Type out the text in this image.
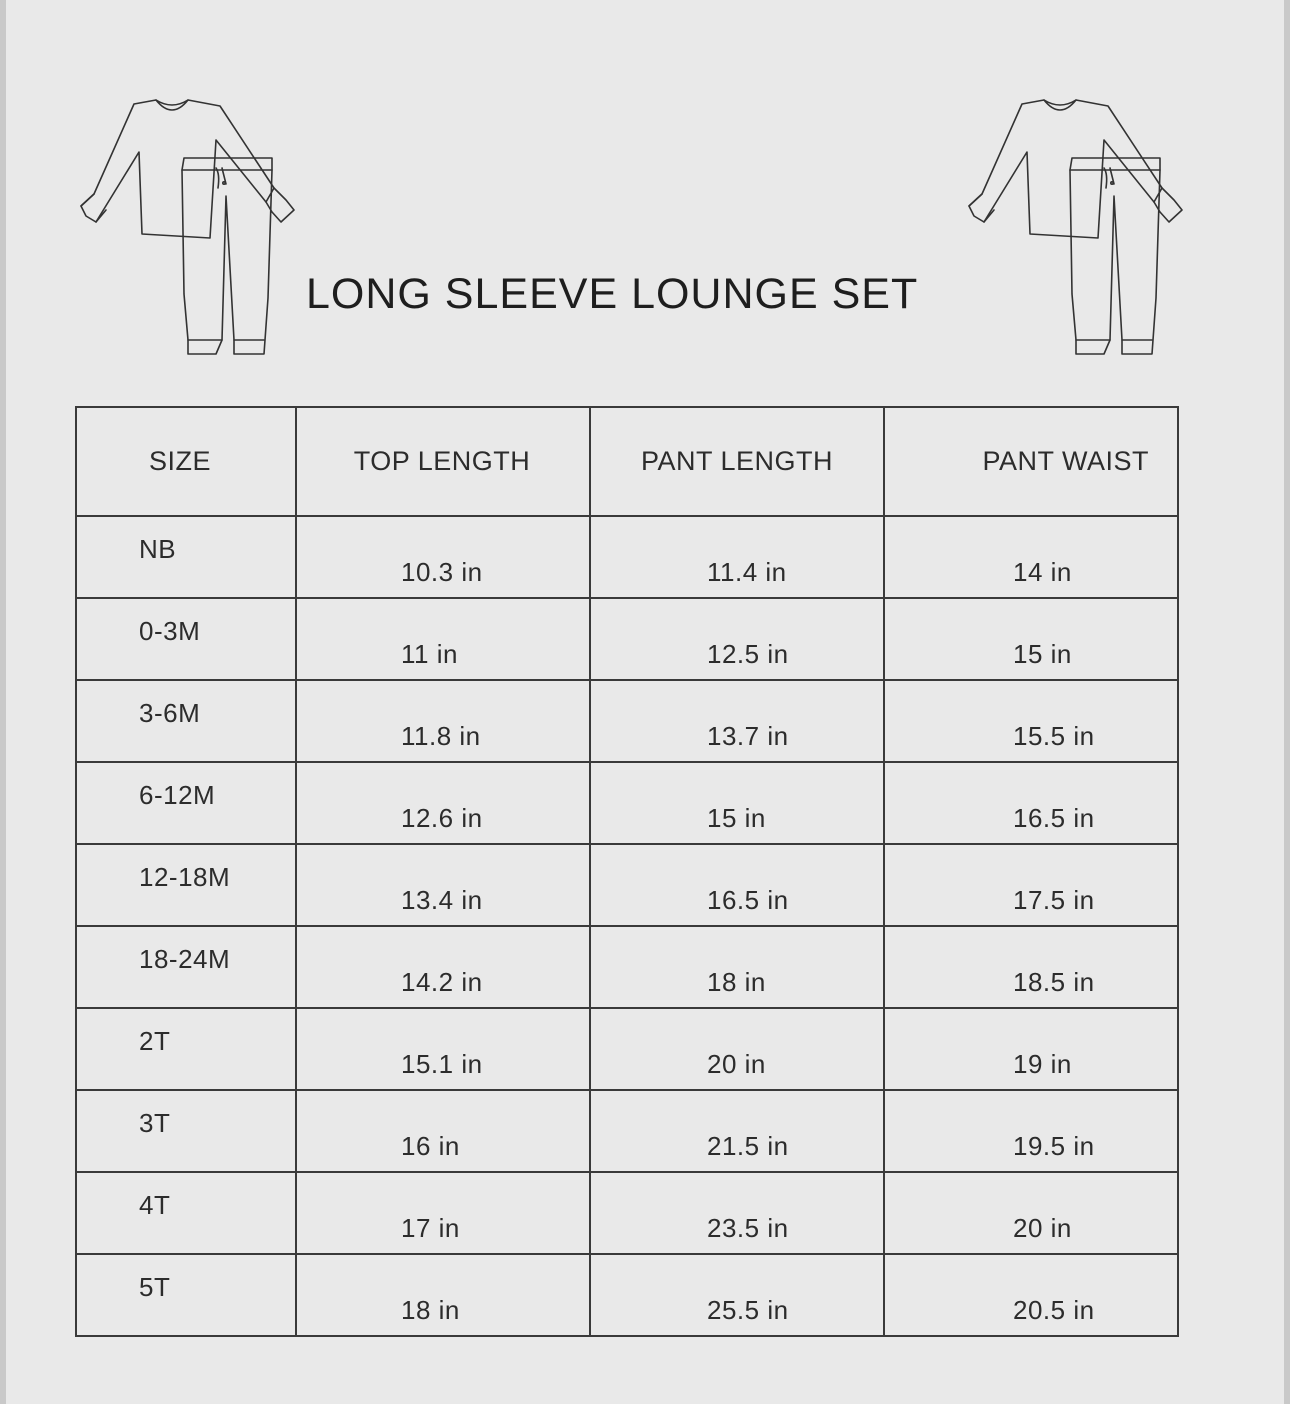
LONG SLEEVE LOUNGE SET
SIZE	TOP LENGTH	PANT LENGTH	PANT WAIST

NB	10.3 in	11.4 in	14 in

0-3M	11 in	12.5 in	15 in

3-6M	11.8 in	13.7 in	15.5 in

6-12M	12.6 in	15 in	16.5 in

12-18M	13.4 in	16.5 in	17.5 in

18-24M	14.2 in	18 in	18.5 in

2T	15.1 in	20 in	19 in

3T	16 in	21.5 in	19.5 in

4T	17 in	23.5 in	20 in

5T	18 in	25.5 in	20.5 in
